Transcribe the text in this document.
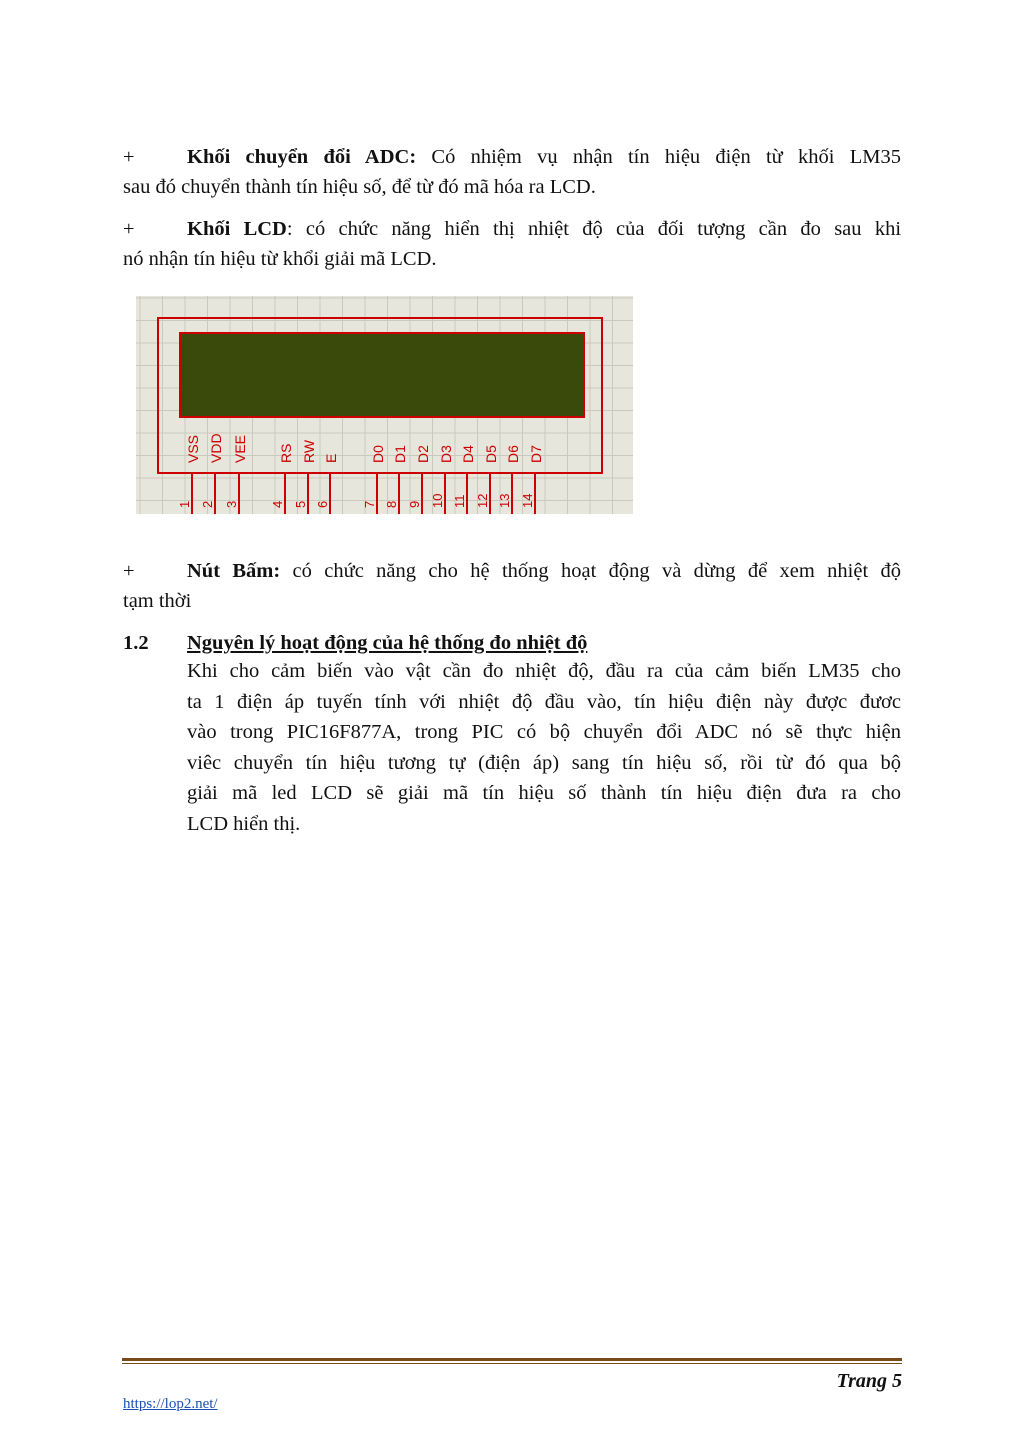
+	Khối chuyển đổi ADC: Có nhiệm vụ nhận tín hiệu điện từ khối LM35
sau đó chuyển thành tín hiệu số, để từ đó mã hóa ra LCD.
+	Khối LCD: có chức năng hiển thị nhiệt độ của đối tượng cần đo sau khi
nó nhận tín hiệu từ khổi giải mã LCD.
VSS
1
VDD
2
VEE
3
RS
4
RW
5
E
6
D0
7
D1
8
D2
9
D3
10
D4
11
D5
12
D6
13
D7
14
+	Nút Bấm: có chức năng cho hệ thống hoạt động và dừng để xem nhiệt độ
tạm thời
1.2 Nguyên lý hoạt động của hệ thống đo nhiệt độ
Khi cho cảm biến vào vật cần đo nhiệt độ, đầu ra của cảm biến LM35 cho
ta 1 điện áp tuyến tính với nhiệt độ đầu vào, tín hiệu điện này được đươc
vào trong PIC16F877A, trong PIC có bộ chuyển đổi ADC nó sẽ thực hiện
viêc chuyển tín hiệu tương tự (điện áp) sang tín hiệu số, rồi từ đó qua bộ
giải mã led LCD sẽ giải mã tín hiệu số thành tín hiệu điện đưa ra cho
LCD hiển thị.
Trang 5
https://lop2.net/
